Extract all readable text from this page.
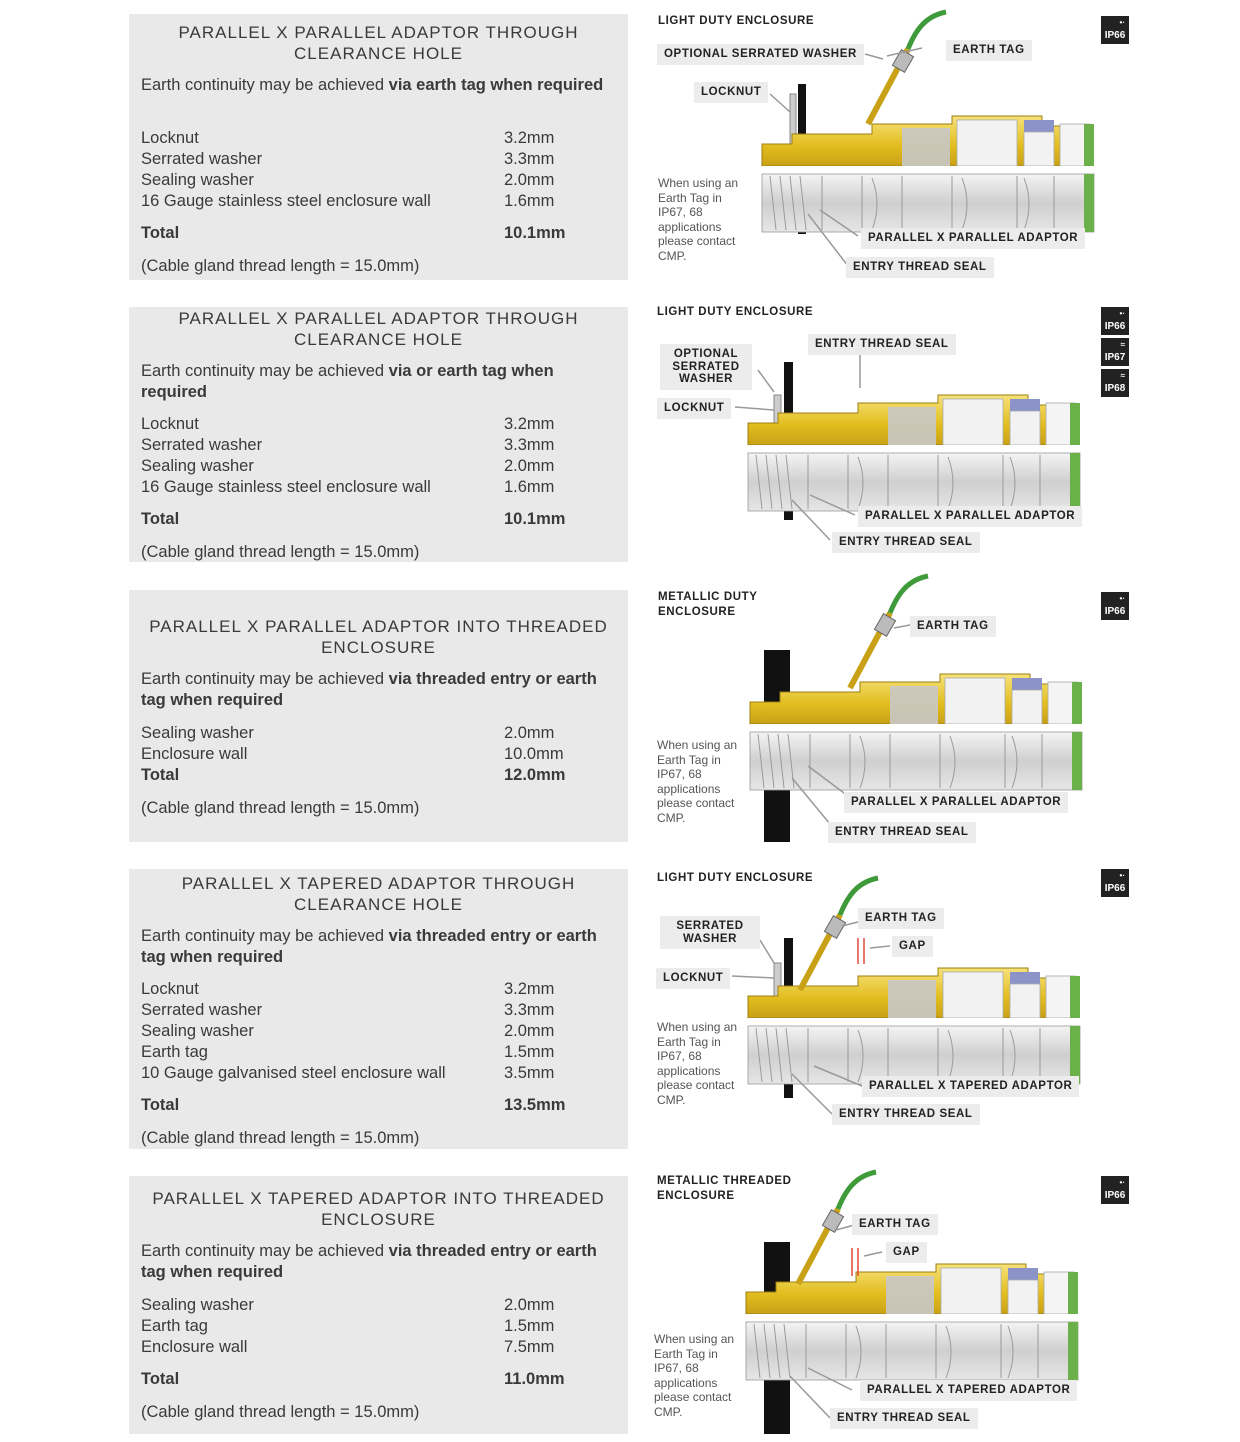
PARALLEL X PARALLEL ADAPTOR THROUGH CLEARANCE HOLE
Earth continuity may be achieved via earth tag when required
Locknut	3.2mm
Serrated washer	3.3mm
Sealing washer	2.0mm
16 Gauge stainless steel enclosure wall	1.6mm
Total	10.1mm
(Cable gland thread length = 15.0mm)
LIGHT DUTY ENCLOSURE
OPTIONAL SERRATED WASHER	EARTH TAG
LOCKNUT
PARALLEL X PARALLEL ADAPTOR
ENTRY THREAD SEAL
When using an Earth Tag in IP67, 68 applications please contact CMP.
•·
IP66
PARALLEL X PARALLEL ADAPTOR THROUGH CLEARANCE HOLE
Earth continuity may be achieved via or earth tag when required
Locknut	3.2mm
Serrated washer	3.3mm
Sealing washer	2.0mm
16 Gauge stainless steel enclosure wall	1.6mm
Total	10.1mm
(Cable gland thread length = 15.0mm)
LIGHT DUTY ENCLOSURE
ENTRY THREAD SEAL
OPTIONAL SERRATED WASHER
LOCKNUT
PARALLEL X PARALLEL ADAPTOR
ENTRY THREAD SEAL
•·
IP66
≈
IP67
≈
IP68
PARALLEL X PARALLEL ADAPTOR INTO THREADED ENCLOSURE
Earth continuity may be achieved via threaded entry or earth tag when required
Sealing washer	2.0mm
Enclosure wall	10.0mm
Total	12.0mm
(Cable gland thread length = 15.0mm)
METALLIC DUTY ENCLOSURE
EARTH TAG
PARALLEL X PARALLEL ADAPTOR
ENTRY THREAD SEAL
When using an Earth Tag in IP67, 68 applications please contact CMP.
•·
IP66
PARALLEL X TAPERED ADAPTOR THROUGH CLEARANCE HOLE
Earth continuity may be achieved via threaded entry or earth tag when required
Locknut	3.2mm
Serrated washer	3.3mm
Sealing washer	2.0mm
Earth tag	1.5mm
10 Gauge galvanised steel enclosure wall	3.5mm
Total	13.5mm
(Cable gland thread length = 15.0mm)
LIGHT DUTY ENCLOSURE
SERRATED WASHER
EARTH TAG
GAP
LOCKNUT
PARALLEL X TAPERED ADAPTOR
ENTRY THREAD SEAL
When using an Earth Tag in IP67, 68 applications please contact CMP.
•·
IP66
PARALLEL X TAPERED ADAPTOR INTO THREADED ENCLOSURE
Earth continuity may be achieved via threaded entry or earth tag when required
Sealing washer	2.0mm
Earth tag	1.5mm
Enclosure wall	7.5mm
Total	11.0mm
(Cable gland thread length = 15.0mm)
METALLIC THREADED ENCLOSURE
EARTH TAG
GAP
PARALLEL X TAPERED ADAPTOR
ENTRY THREAD SEAL
When using an Earth Tag in IP67, 68 applications please contact CMP.
•·
IP66
